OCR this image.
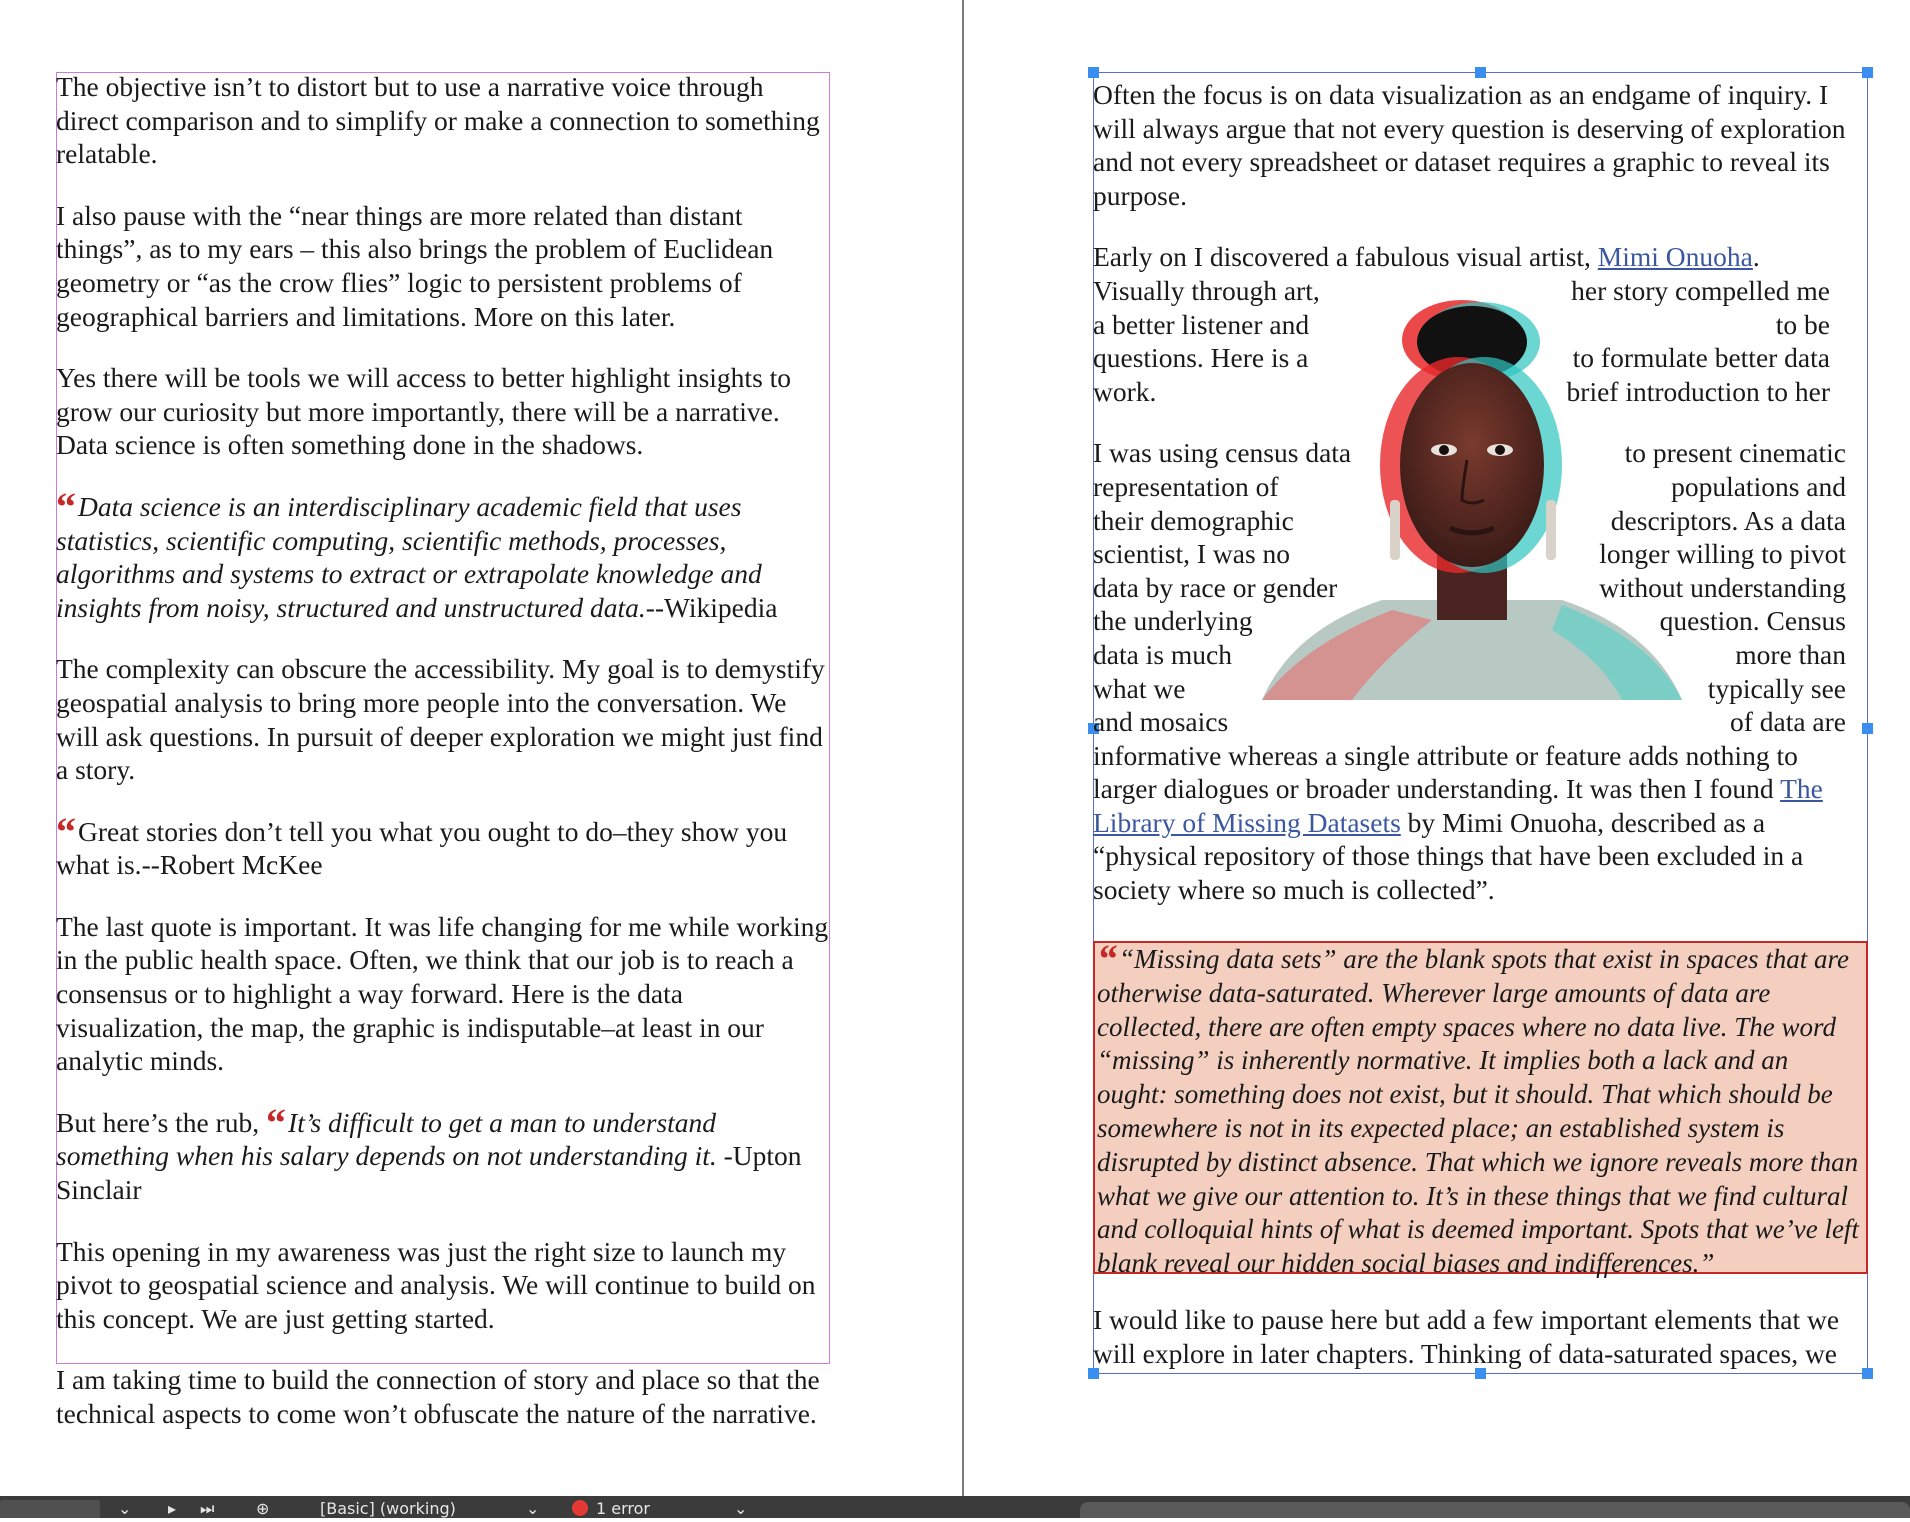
The objective isn’t to distort but to use a narrative voice through direct comparison and to simplify or make a connection to something relatable.

I also pause with the “near things are more related than distant things”, as to my ears – this also brings the problem of Euclidean geometry or “as the crow flies” logic to persistent problems of geographical barriers and limitations. More on this later.

Yes there will be tools we will access to better highlight insights to grow our curiosity but more importantly, there will be a narrative. Data science is often something done in the shadows.

“Data science is an interdisciplinary academic field that uses statistics, scientific computing, scientific methods, processes, algorithms and systems to extract or extrapolate knowledge and insights from noisy, structured and unstructured data.--Wikipedia

The complexity can obscure the accessibility. My goal is to demystify geospatial analysis to bring more people into the conversation. We will ask questions. In pursuit of deeper exploration we might just find a story.

“Great stories don’t tell you what you ought to do–they show you what is.--Robert McKee

The last quote is important. It was life changing for me while working in the public health space. Often, we think that our job is to reach a consensus or to highlight a way forward. Here is the data visualization, the map, the graphic is indisputable–at least in our analytic minds.

But here’s the rub, “It’s difficult to get a man to understand something when his salary depends on not understanding it. -Upton Sinclair

This opening in my awareness was just the right size to launch my pivot to geospatial science and analysis. We will continue to build on this concept. We are just getting started.

I am taking time to build the connection of story and place so that the technical aspects to come won’t obfuscate the nature of the narrative.

Often the focus is on data visualization as an endgame of inquiry. I will always argue that not every question is deserving of exploration and not every spreadsheet or dataset requires a graphic to reveal its purpose.

Early on I discovered a fabulous visual artist, Mimi Onuoha.
Visually through art,
a better listener and
questions. Here is a
work.
her story compelled me to be
to formulate better data
brief introduction to her
I was using census data
representation of
their demographic
scientist, I was no
data by race or gender
the underlying
data is much
what we
and mosaics
to present cinematic
populations and
descriptors. As a data
longer willing to pivot
without understanding
question. Census
more than
typically see
of data are

informative whereas a single attribute or feature adds nothing to larger dialogues or broader understanding. It was then I found The Library of Missing Datasets by Mimi Onuoha, described as a “physical repository of those things that have been excluded in a society where so much is collected”.

““Missing data sets” are the blank spots that exist in spaces that are otherwise data-saturated. Wherever large amounts of data are collected, there are often empty spaces where no data live. The word “missing” is inherently normative. It implies both a lack and an ought: something does not exist, but it should. That which should be somewhere is not in its expected place; an established system is disrupted by distinct absence. That which we ignore reveals more than what we give our attention to. It’s in these things that we find cultural and colloquial hints of what is deemed important. Spots that we’ve left blank reveal our hidden social biases and indifferences.”
I would like to pause here but add a few important elements that we will explore in later chapters. Thinking of data-saturated spaces, we
⌄ ▸ ⏭	⊕	[Basic] (working)	⌄	1 error	⌄
